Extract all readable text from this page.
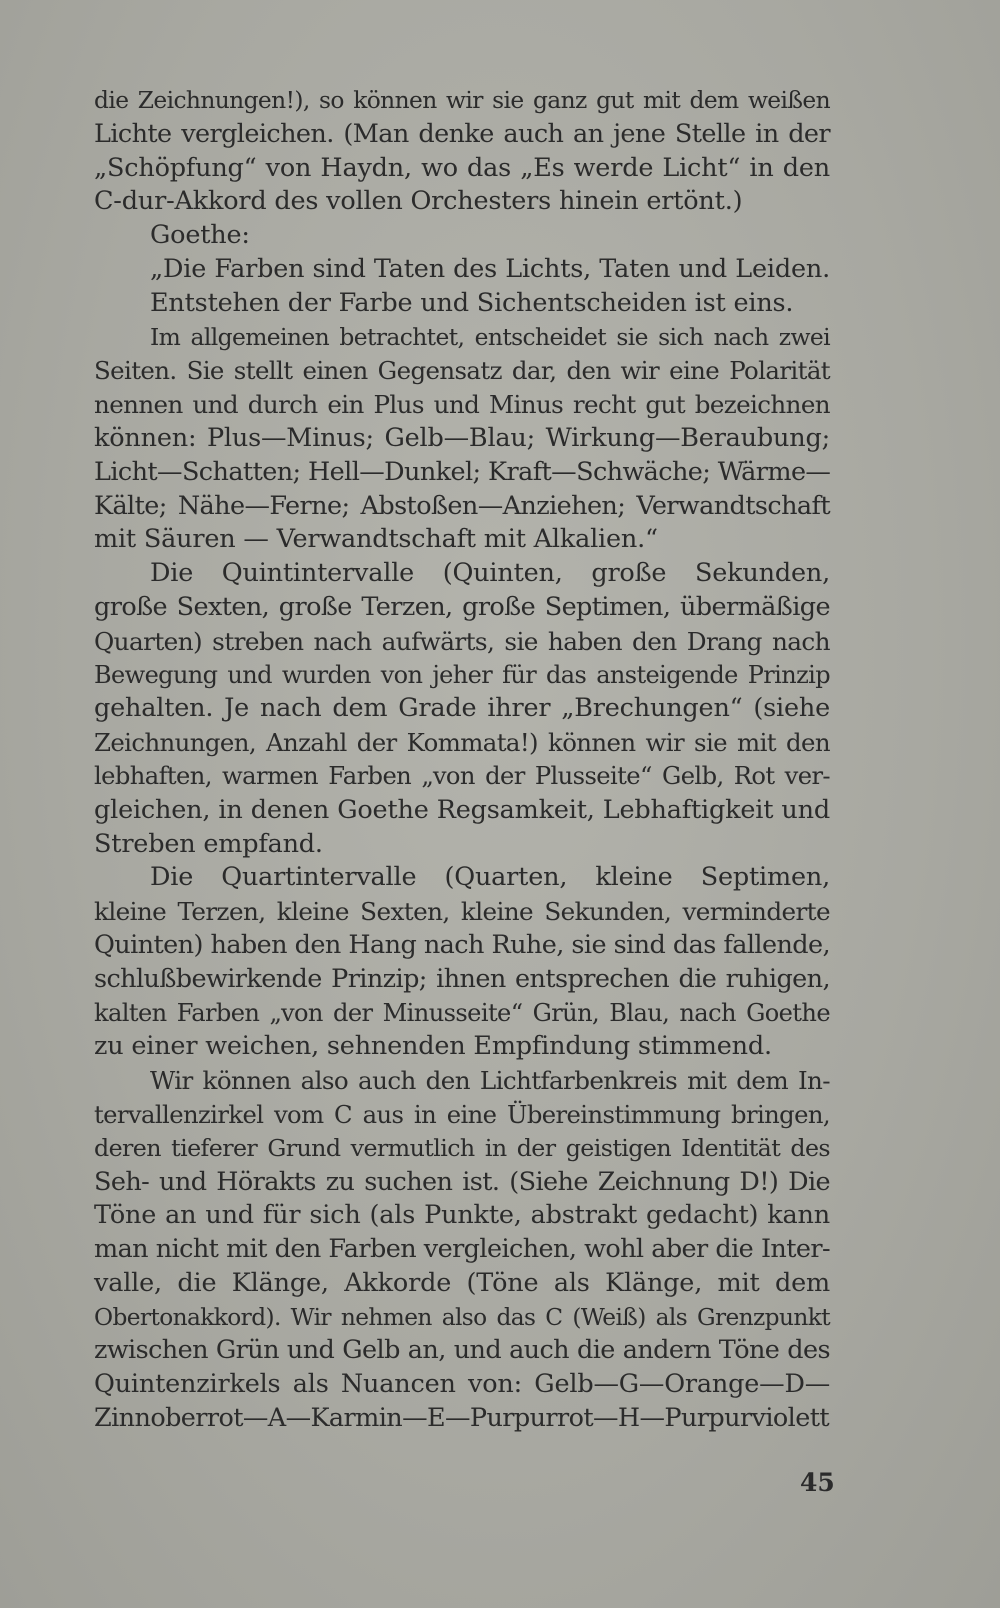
die Zeichnungen!), so können wir sie ganz gut mit dem weißen
Lichte vergleichen. (Man denke auch an jene Stelle in der
„Schöpfung“ von Haydn, wo das „Es werde Licht“ in den
C-dur-Akkord des vollen Orchesters hinein ertönt.)
Goethe:
„Die Farben sind Taten des Lichts, Taten und Leiden.
Entstehen der Farbe und Sichentscheiden ist eins.
Im allgemeinen betrachtet, entscheidet sie sich nach zwei
Seiten. Sie stellt einen Gegensatz dar, den wir eine Polarität
nennen und durch ein Plus und Minus recht gut bezeichnen
können: Plus—Minus; Gelb—Blau; Wirkung—Beraubung;
Licht—Schatten; Hell—Dunkel; Kraft—Schwäche; Wärme—
Kälte; Nähe—Ferne; Abstoßen—Anziehen; Verwandtschaft
mit Säuren — Verwandtschaft mit Alkalien.“
Die Quintintervalle (Quinten, große Sekunden,
große Sexten, große Terzen, große Septimen, übermäßige
Quarten) streben nach aufwärts, sie haben den Drang nach
Bewegung und wurden von jeher für das ansteigende Prinzip
gehalten. Je nach dem Grade ihrer „Brechungen“ (siehe
Zeichnungen, Anzahl der Kommata!) können wir sie mit den
lebhaften, warmen Farben „von der Plusseite“ Gelb, Rot ver-
gleichen, in denen Goethe Regsamkeit, Lebhaftigkeit und
Streben empfand.
Die Quartintervalle (Quarten, kleine Septimen,
kleine Terzen, kleine Sexten, kleine Sekunden, verminderte
Quinten) haben den Hang nach Ruhe, sie sind das fallende,
schlußbewirkende Prinzip; ihnen entsprechen die ruhigen,
kalten Farben „von der Minusseite“ Grün, Blau, nach Goethe
zu einer weichen, sehnenden Empfindung stimmend.
Wir können also auch den Lichtfarbenkreis mit dem In-
tervallenzirkel vom C aus in eine Übereinstimmung bringen,
deren tieferer Grund vermutlich in der geistigen Identität des
Seh- und Hörakts zu suchen ist. (Siehe Zeichnung D!) Die
Töne an und für sich (als Punkte, abstrakt gedacht) kann
man nicht mit den Farben vergleichen, wohl aber die Inter-
valle, die Klänge, Akkorde (Töne als Klänge, mit dem
Obertonakkord). Wir nehmen also das C (Weiß) als Grenzpunkt
zwischen Grün und Gelb an, und auch die andern Töne des
Quintenzirkels als Nuancen von: Gelb—G—Orange—D—
Zinnoberrot—A—Karmin—E—Purpurrot—H—Purpurviolett
45
